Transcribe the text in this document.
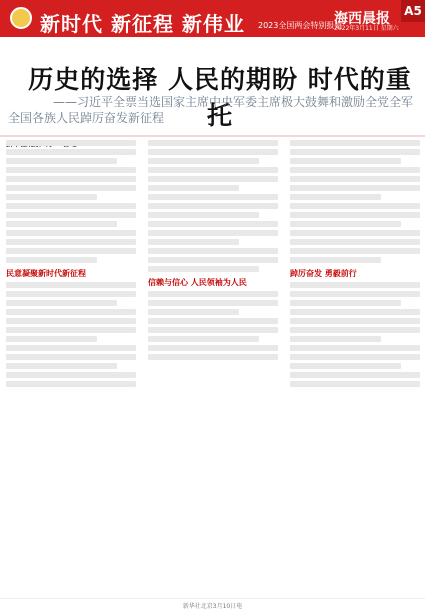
新时代 新征程 新伟业 2023全国两会特别报道
海西晨报
2022年3月11日 星期六
A5
历史的选择 人民的期盼 时代的重托
——习近平全票当选国家主席中央军委主席极大鼓舞和激励全党全军
全国各族人民踔厉奋发新征程
民意凝聚新时代新征程
信赖与信心 人民领袖为人民
踔厉奋发 勇毅前行
新华社北京3月10日电
